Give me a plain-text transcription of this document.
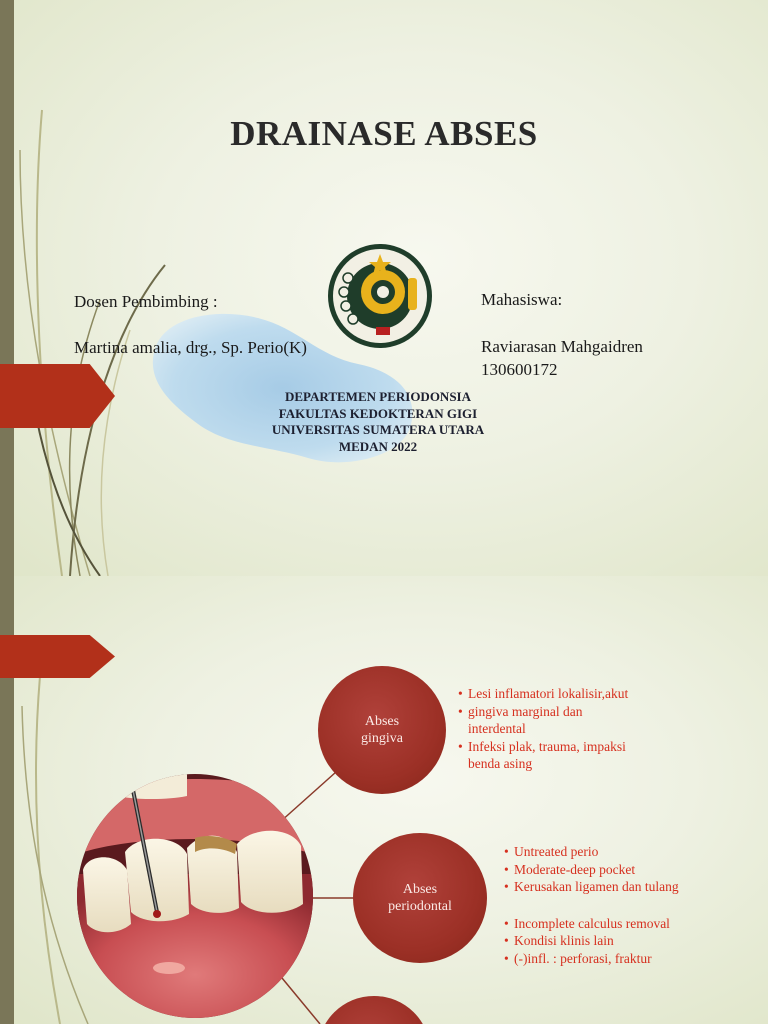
DRAINASE ABSES
Dosen Pembimbing :
Martina amalia, drg., Sp. Perio(K)
Mahasiswa:
Raviarasan Mahgaidren
130600172
DEPARTEMEN PERIODONSIA
FAKULTAS KEDOKTERAN GIGI
UNIVERSITAS SUMATERA UTARA
MEDAN 2022
Abses
gingiva
Abses
periodontal
• Lesi inflamatori lokalisir,akut
• gingiva marginal dan
interdental
• Infeksi plak, trauma, impaksi
benda asing
• Untreated perio
• Moderate-deep pocket
• Kerusakan ligamen dan tulang
• Incomplete calculus removal
• Kondisi klinis lain
• (-)infl. : perforasi, fraktur
